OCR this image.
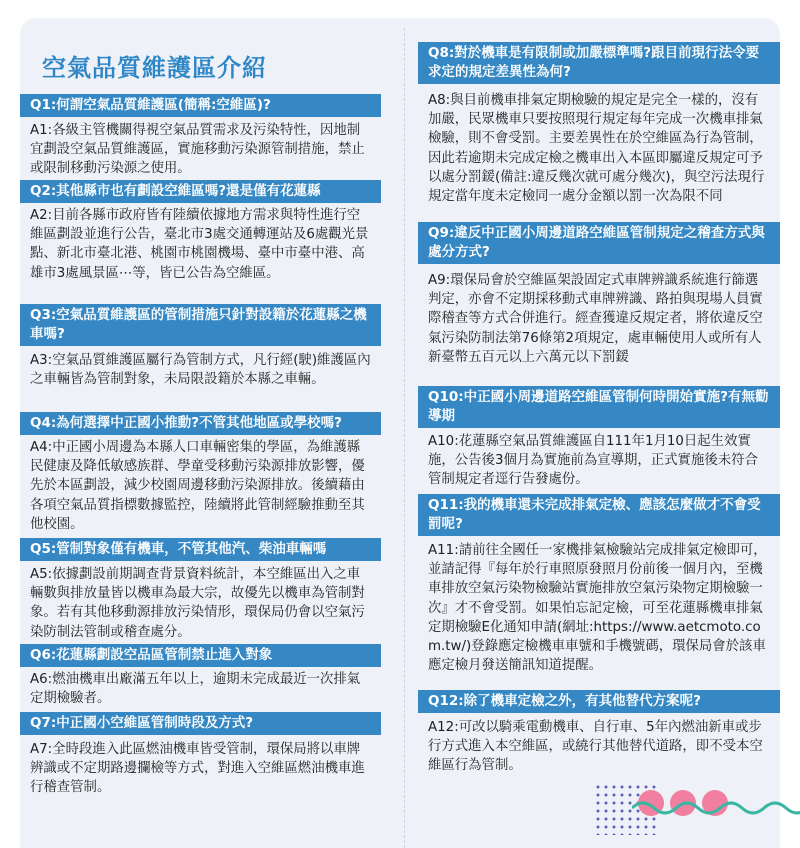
空氣品質維護區介紹
Q1:何謂空氣品質維護區(簡稱:空維區)?
A1:各級主管機關得視空氣品質需求及污染特性，因地制宜劃設空氣品質維護區，實施移動污染源管制措施，禁止或限制移動污染源之使用。
Q2:其他縣市也有劃設空維區嗎?還是僅有花蓮縣
A2:目前各縣市政府皆有陸續依據地方需求與特性進行空維區劃設並進行公告，臺北市3處交通轉運站及6處觀光景點、新北市臺北港、桃園市桃園機場、臺中市臺中港、高雄市3處風景區⋯等，皆已公告為空維區。
Q3:空氣品質維護區的管制措施只針對設籍於花蓮縣之機車嗎?
A3:空氣品質維護區屬行為管制方式，凡行經(駛)維護區內之車輛皆為管制對象，未局限設籍於本縣之車輛。
Q4:為何選擇中正國小推動?不管其他地區或學校嗎?
A4:中正國小周邊為本縣人口車輛密集的學區，為維護縣民健康及降低敏感族群、學童受移動污染源排放影響，優先於本區劃設，減少校園周邊移動污染源排放。後續藉由各項空氣品質指標數據監控，陸續將此管制經驗推動至其他校園。
Q5:管制對象僅有機車，不管其他汽、柴油車輛嗎
A5:依據劃設前期調查背景資料統計，本空維區出入之車輛數與排放量皆以機車為最大宗，故優先以機車為管制對象。若有其他移動源排放污染情形，環保局仍會以空氣污染防制法管制或稽查處分。
Q6:花蓮縣劃設空品區管制禁止進入對象
A6:燃油機車出廠滿五年以上，逾期未完成最近一次排氣定期檢驗者。
Q7:中正國小空維區管制時段及方式?
A7:全時段進入此區燃油機車皆受管制，環保局將以車牌辨識或不定期路邊攔檢等方式，對進入空維區燃油機車進行稽查管制。
Q8:對於機車是有限制或加嚴標準嗎?跟目前現行法令要求定的規定差異性為何?
A8:與目前機車排氣定期檢驗的規定是完全一樣的，沒有加嚴，民眾機車只要按照現行規定每年完成一次機車排氣檢驗，則不會受罰。主要差異性在於空維區為行為管制，因此若逾期未完成定檢之機車出入本區即屬違反規定可予以處分罰鍰(備註:違反幾次就可處分幾次)，與空污法現行規定當年度未定檢同一處分金額以罰一次為限不同
Q9:違反中正國小周邊道路空維區管制規定之稽查方式與處分方式?
A9:環保局會於空維區架設固定式車牌辨識系統進行篩選判定，亦會不定期採移動式車牌辨識、路拍與現場人員實際稽查等方式合併進行。經查獲違反規定者，將依違反空氣污染防制法第76條第2項規定，處車輛使用人或所有人新臺幣五百元以上六萬元以下罰鍰
Q10:中正國小周邊道路空維區管制何時開始實施?有無勸導期
A10:花蓮縣空氣品質維護區自111年1月10日起生效實施，公告後3個月為實施前為宣導期，正式實施後未符合管制規定者逕行告發處份。
Q11:我的機車還未完成排氣定檢、應該怎麼做才不會受罰呢?
A11:請前往全國任一家機排氣檢驗站完成排氣定檢即可，並請記得『每年於行車照原發照月份前後一個月內，至機車排放空氣污染物檢驗站實施排放空氣污染物定期檢驗一次』才不會受罰。如果怕忘記定檢，可至花蓮縣機車排氣定期檢驗E化通知申請(網址:https://www.aetcmoto.com.tw/)登錄應定檢機車車號和手機號碼，環保局會於該車應定檢月發送簡訊知道提醒。
Q12:除了機車定檢之外，有其他替代方案呢?
A12:可改以騎乘電動機車、自行車、5年內燃油新車或步行方式進入本空維區，或繞行其他替代道路，即不受本空維區行為管制。
